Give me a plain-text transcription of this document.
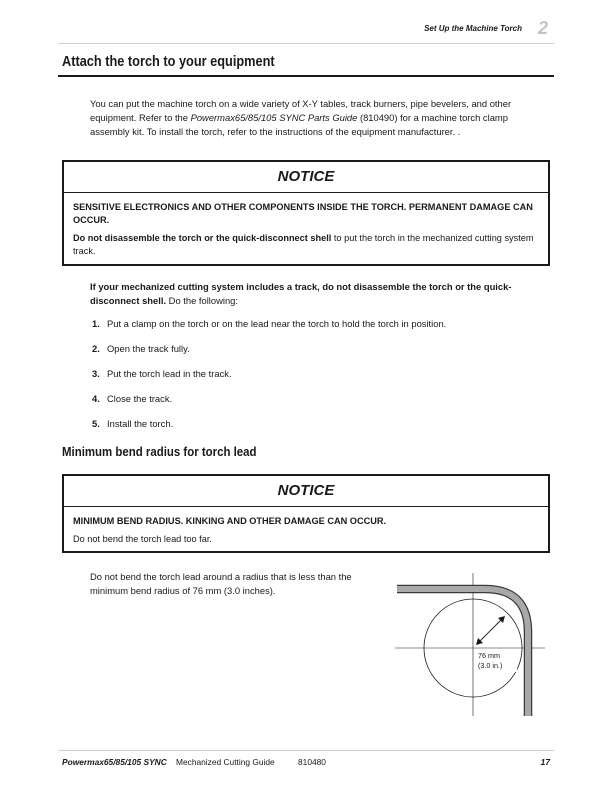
Set Up the Machine Torch 2
Attach the torch to your equipment
You can put the machine torch on a wide variety of X-Y tables, track burners, pipe bevelers, and other equipment. Refer to the Powermax65/85/105 SYNC Parts Guide (810490) for a machine torch clamp assembly kit. To install the torch, refer to the instructions of the equipment manufacturer. .
NOTICE
SENSITIVE ELECTRONICS AND OTHER COMPONENTS INSIDE THE TORCH. PERMANENT DAMAGE CAN OCCUR.
Do not disassemble the torch or the quick-disconnect shell to put the torch in the mechanized cutting system track.
If your mechanized cutting system includes a track, do not disassemble the torch or the quick-disconnect shell. Do the following:
1. Put a clamp on the torch or on the lead near the torch to hold the torch in position.
2. Open the track fully.
3. Put the torch lead in the track.
4. Close the track.
5. Install the torch.
Minimum bend radius for torch lead
NOTICE
MINIMUM BEND RADIUS. KINKING AND OTHER DAMAGE CAN OCCUR.
Do not bend the torch lead too far.
Do not bend the torch lead around a radius that is less than the minimum bend radius of 76 mm (3.0 inches).
76 mm
(3.0 in.)
Powermax65/85/105 SYNC Mechanized Cutting Guide	810480	17
